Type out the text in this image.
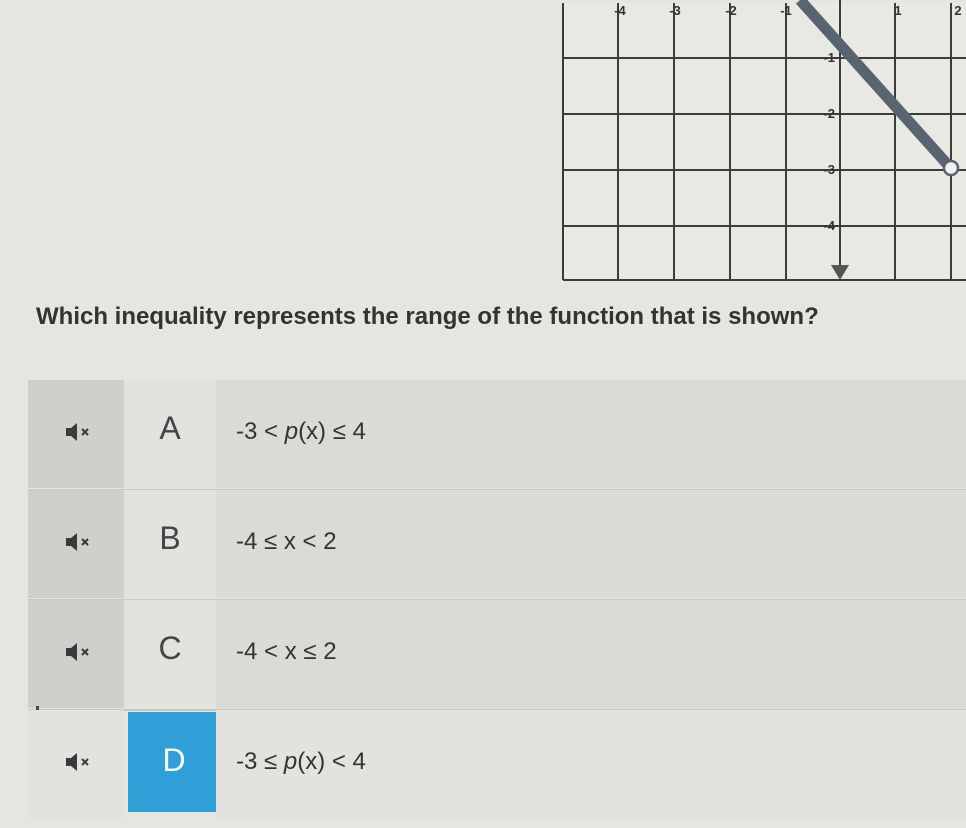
-4	-3	-2	-1	1	2
-1
-2
-3
-4
Which inequality represents the range of the function that is shown?
A	-3 < p(x) ≤ 4
B	-4 ≤ x < 2
C	-4 < x ≤ 2
D	-3 ≤ p(x) < 4
